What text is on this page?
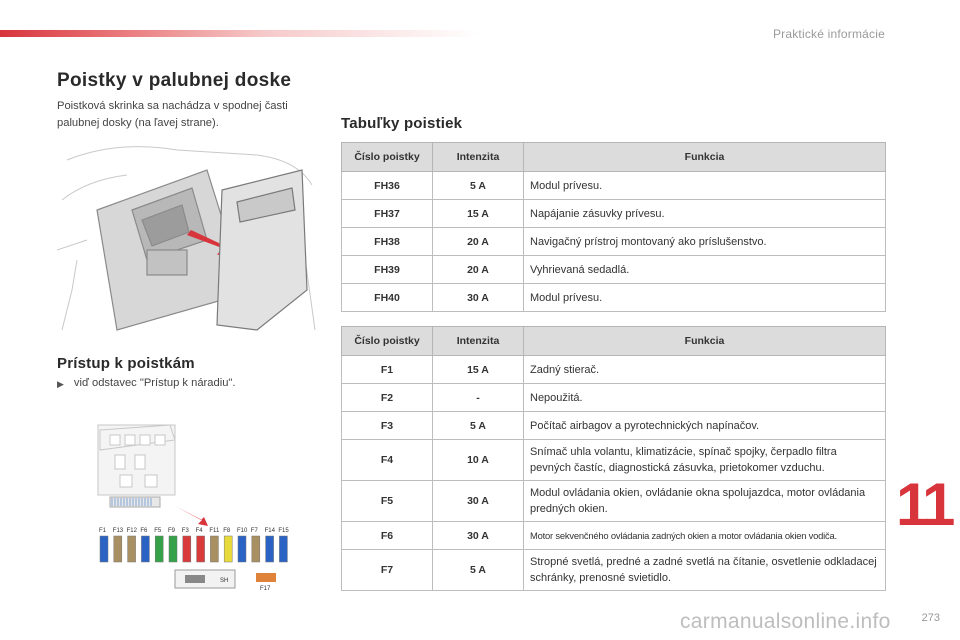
Praktické informácie
Poistky v palubnej doske
Poistková skrinka sa nachádza v spodnej časti palubnej dosky (na ľavej strane).
Prístup k poistkám
▶ viď odstavec "Prístup k náradiu".
F1 F13 F12 F6 F5 F9 F3 F4 F11 F8 F10 F7 F14 F15
SH
F17
Tabuľky poistiek
Číslo poistky	Intenzita	Funkcia
FH36	5 A	Modul prívesu.
FH37	15 A	Napájanie zásuvky prívesu.
FH38	20 A	Navigačný prístroj montovaný ako príslušenstvo.
FH39	20 A	Vyhrievaná sedadlá.
FH40	30 A	Modul prívesu.
Číslo poistky	Intenzita	Funkcia
F1	15 A	Zadný stierač.
F2	-	Nepoužitá.
F3	5 A	Počítač airbagov a pyrotechnických napínačov.
F4	10 A	Snímač uhla volantu, klimatizácie, spínač spojky, čerpadlo filtra pevných častíc, diagnostická zásuvka, prietokomer vzduchu.
F5	30 A	Modul ovládania okien, ovládanie okna spolujazdca, motor ovládania predných okien.
F6	30 A	Motor sekvenčného ovládania zadných okien a motor ovládania okien vodiča.
F7	5 A	Stropné svetlá, predné a zadné svetlá na čítanie, osvetlenie odkladacej schránky, prenosné svietidlo.
11
273
carmanualsonline.info
